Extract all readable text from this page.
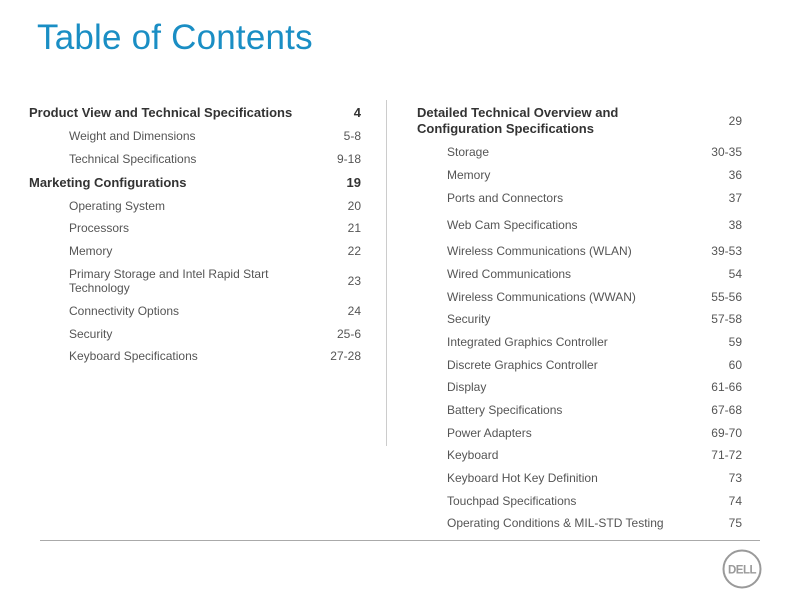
Table of Contents
Product View and Technical Specifications	4
Weight and Dimensions	5-8
Technical Specifications	9-18
Marketing Configurations	19
Operating System	20
Processors	21
Memory	22
Primary Storage and Intel Rapid Start Technology	23
Connectivity Options	24
Security	25-6
Keyboard Specifications	27-28
Detailed Technical Overview and Configuration Specifications	29
Storage	30-35
Memory	36
Ports and Connectors	37
Web Cam Specifications	38
Wireless Communications (WLAN)	39-53
Wired Communications	54
Wireless Communications (WWAN)	55-56
Security	57-58
Integrated Graphics Controller	59
Discrete Graphics Controller	60
Display	61-66
Battery Specifications	67-68
Power Adapters	69-70
Keyboard	71-72
Keyboard Hot Key Definition	73
Touchpad Specifications	74
Operating Conditions & MIL-STD Testing	75
DELL
